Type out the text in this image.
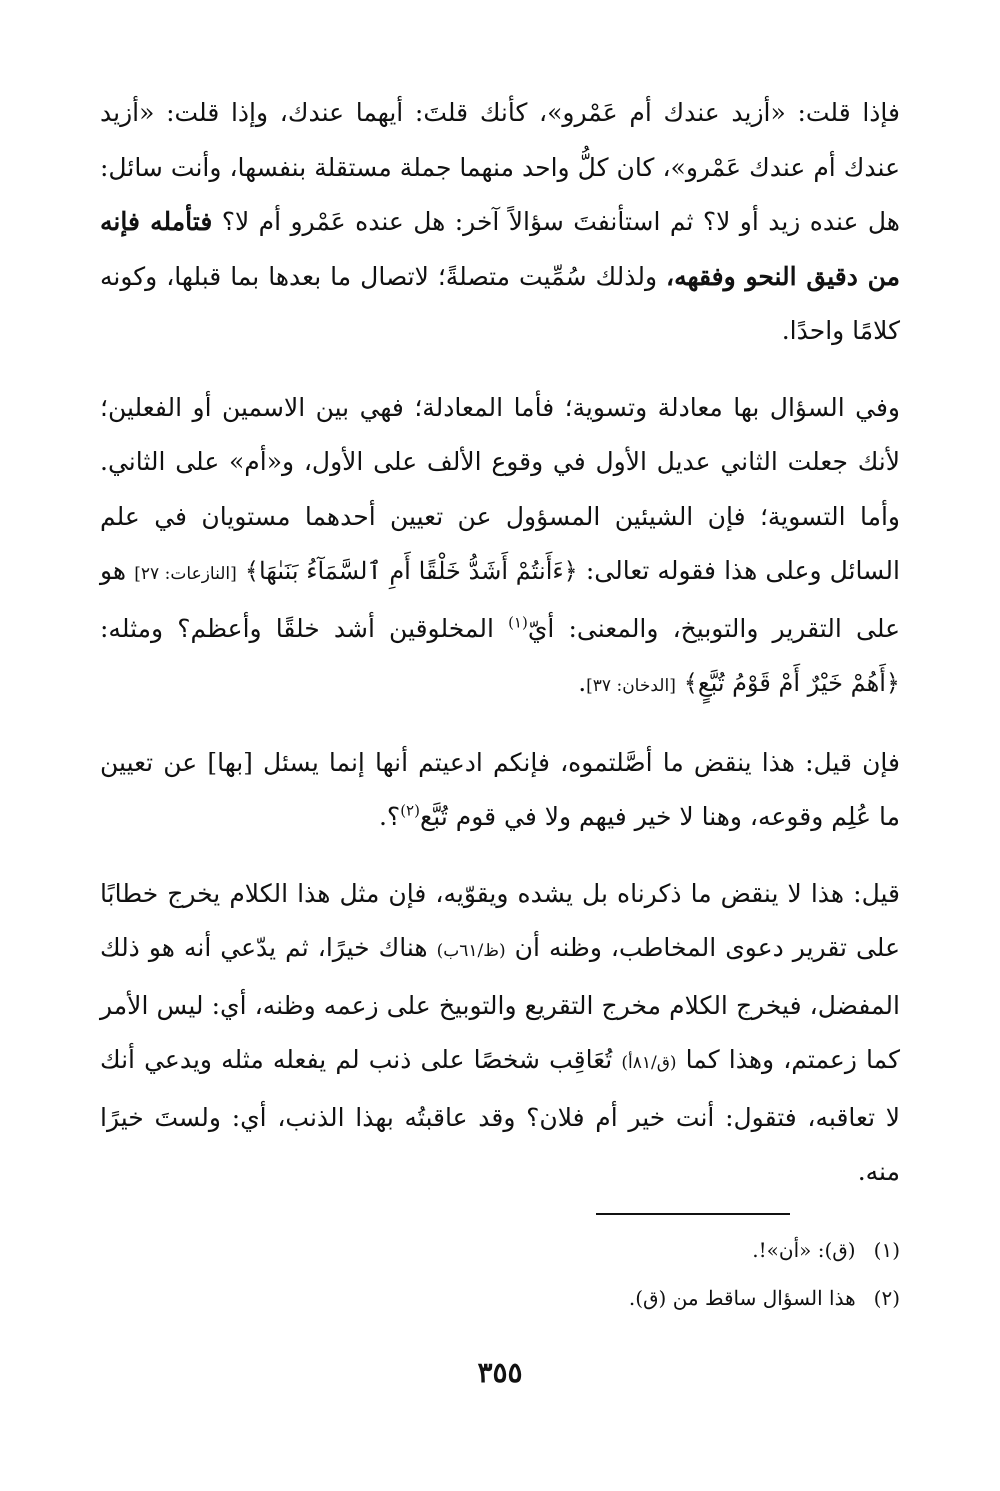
فإذا قلت: «أزيد عندك أم عَمْرو»، كأنك قلتَ: أيهما عندك، وإذا قلت: «أزيد عندك أم عندك عَمْرو»، كان كلُّ واحد منهما جملة مستقلة بنفسها، وأنت سائل: هل عنده زيد أو لا؟ ثم استأنفتَ سؤالاً آخر: هل عنده عَمْرو أم لا؟ فتأمله فإنه من دقيق النحو وفقهه، ولذلك سُمِّيت متصلةً؛ لاتصال ما بعدها بما قبلها، وكونه كلامًا واحدًا.

وفي السؤال بها معادلة وتسوية؛ فأما المعادلة؛ فهي بين الاسمين أو الفعلين؛ لأنك جعلت الثاني عديل الأول في وقوع الألف على الأول، و«أم» على الثاني. وأما التسوية؛ فإن الشيئين المسؤول عن تعيين أحدهما مستويان في علم السائل وعلى هذا فقوله تعالى: ﴿ءَأَنتُمْ أَشَدُّ خَلْقًا أَمِ ٱلسَّمَآءُ بَنَىٰهَا﴾ [النازعات: ٢٧] هو على التقرير والتوبيخ، والمعنى: أيّ$^{(١)}$ المخلوقين أشد خلقًا وأعظم؟ ومثله: ﴿أَهُمْ خَيْرٌ أَمْ قَوْمُ تُبَّعٍ﴾ [الدخان: ٣٧].

فإن قيل: هذا ينقض ما أصَّلتموه، فإنكم ادعيتم أنها إنما يسئل [بها] عن تعيين ما عُلِم وقوعه، وهنا لا خير فيهم ولا في قوم تُبَّع$^{(٢)}$؟.

قيل: هذا لا ينقض ما ذكرناه بل يشده ويقوّيه، فإن مثل هذا الكلام يخرج خطابًا على تقرير دعوى المخاطب، وظنه أن (ظ/٦١ب) هناك خيرًا، ثم يدّعي أنه هو ذلك المفضل، فيخرج الكلام مخرج التقريع والتوبيخ على زعمه وظنه، أي: ليس الأمر كما زعمتم، وهذا كما (ق/٨١أ) تُعَاقِب شخصًا على ذنب لم يفعله مثله ويدعي أنك لا تعاقبه، فتقول: أنت خير أم فلان؟ وقد عاقبتُه بهذا الذنب، أي: ولستَ خيرًا منه.

(١)(ق): «أن»!.
(٢)هذا السؤال ساقط من (ق).
٣٥٥
